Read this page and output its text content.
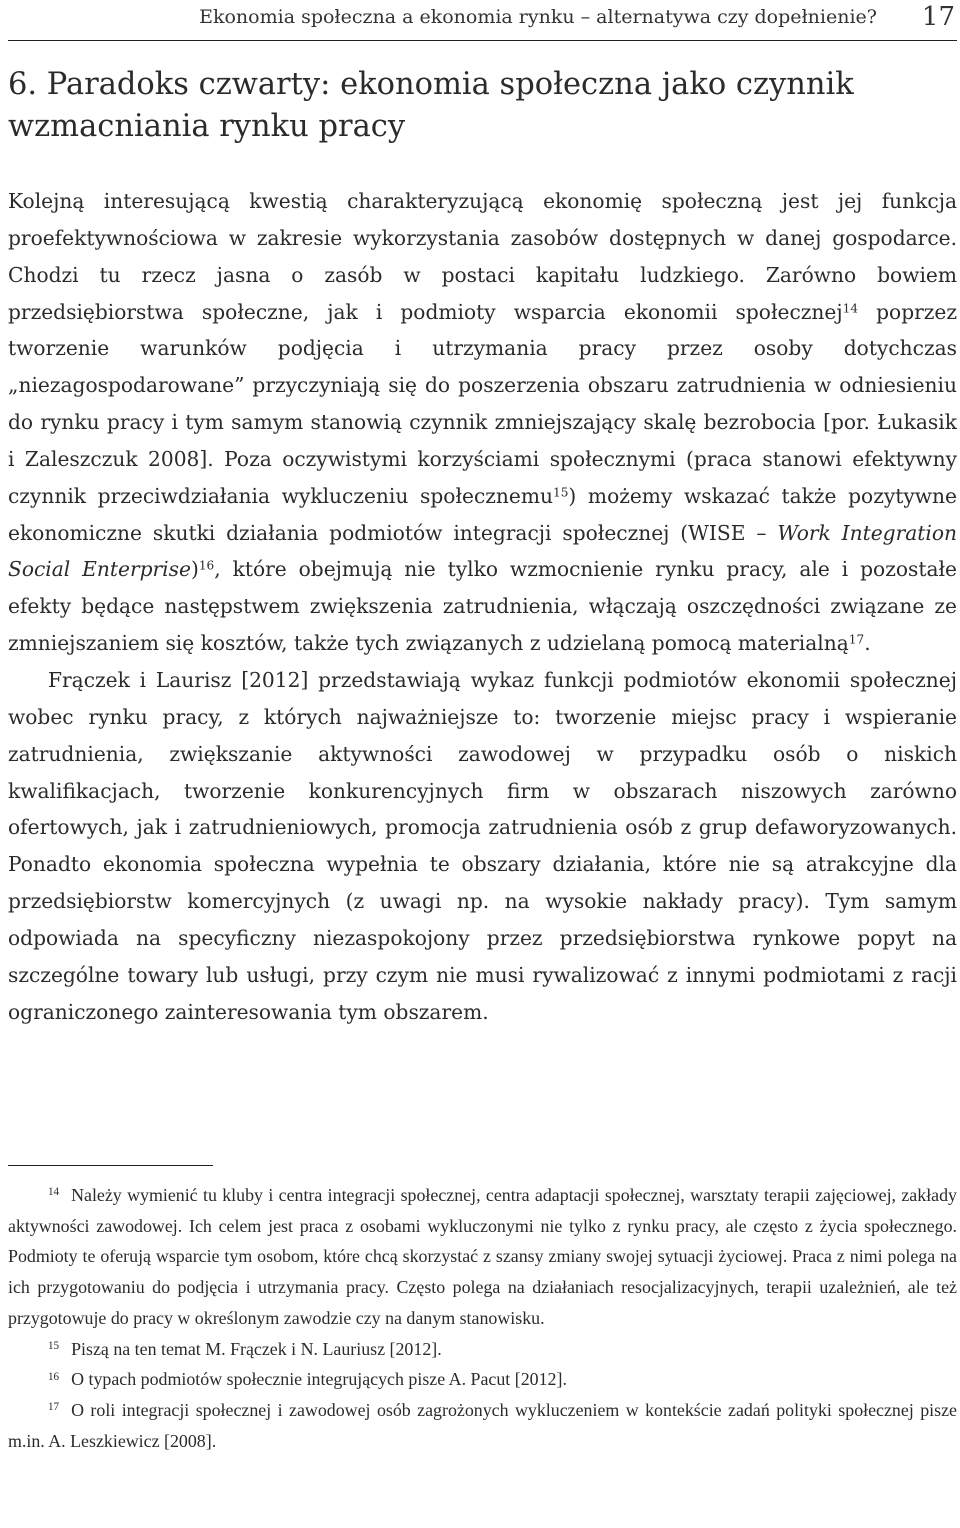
Ekonomia społeczna a ekonomia rynku – alternatywa czy dopełnienie? 17
6. Paradoks czwarty: ekonomia społeczna jako czynnik wzmacniania rynku pracy

Kolejną interesującą kwestią charakteryzującą ekonomię społeczną jest jej funkcja proefektywnościowa w zakresie wykorzystania zasobów dostępnych w danej gospodarce. Chodzi tu rzecz jasna o zasób w postaci kapitału ludzkiego. Zarówno bowiem przedsiębiorstwa społeczne, jak i podmioty wsparcia ekonomii społecznej$^{14}$ poprzez tworzenie warunków podjęcia i utrzymania pracy przez osoby dotychczas „niezagospodarowane” przyczyniają się do poszerzenia obszaru zatrudnienia w odniesieniu do rynku pracy i tym samym stanowią czynnik zmniejszający skalę bezrobocia [por. Łukasik i Zaleszczuk 2008]. Poza oczywistymi korzyściami społecznymi (praca stanowi efektywny czynnik przeciwdziałania wykluczeniu społecznemu$^{15}$) możemy wskazać także pozytywne ekonomiczne skutki działania podmiotów integracji społecznej (WISE – Work Integration Social Enterprise)$^{16}$, które obejmują nie tylko wzmocnienie rynku pracy, ale i pozostałe efekty będące następstwem zwiększenia zatrudnienia, włączają oszczędności związane ze zmniejszaniem się kosztów, także tych związanych z udzielaną pomocą materialną$^{17}$.

Frączek i Laurisz [2012] przedstawiają wykaz funkcji podmiotów ekonomii społecznej wobec rynku pracy, z których najważniejsze to: tworzenie miejsc pracy i wspieranie zatrudnienia, zwiększanie aktywności zawodowej w przypadku osób o niskich kwalifikacjach, tworzenie konkurencyjnych firm w obszarach niszowych zarówno ofertowych, jak i zatrudnieniowych, promocja zatrudnienia osób z grup defaworyzowanych. Ponadto ekonomia społeczna wypełnia te obszary działania, które nie są atrakcyjne dla przedsiębiorstw komercyjnych (z uwagi np. na wysokie nakłady pracy). Tym samym odpowiada na specyficzny niezaspokojony przez przedsiębiorstwa rynkowe popyt na szczególne towary lub usługi, przy czym nie musi rywalizować z innymi podmiotami z racji ograniczonego zainteresowania tym obszarem.

$^{14}$ Należy wymienić tu kluby i centra integracji społecznej, centra adaptacji społecznej, warsztaty terapii zajęciowej, zakłady aktywności zawodowej. Ich celem jest praca z osobami wykluczonymi nie tylko z rynku pracy, ale często z życia społecznego. Podmioty te oferują wsparcie tym osobom, które chcą skorzystać z szansy zmiany swojej sytuacji życiowej. Praca z nimi polega na ich przygotowaniu do podjęcia i utrzymania pracy. Często polega na działaniach resocjalizacyjnych, terapii uzależnień, ale też przygotowuje do pracy w określonym zawodzie czy na danym stanowisku.

$^{15}$ Piszą na ten temat M. Frączek i N. Lauriusz [2012].

$^{16}$ O typach podmiotów społecznie integrujących pisze A. Pacut [2012].

$^{17}$ O roli integracji społecznej i zawodowej osób zagrożonych wykluczeniem w kontekście zadań polityki społecznej pisze m.in. A. Leszkiewicz [2008].
